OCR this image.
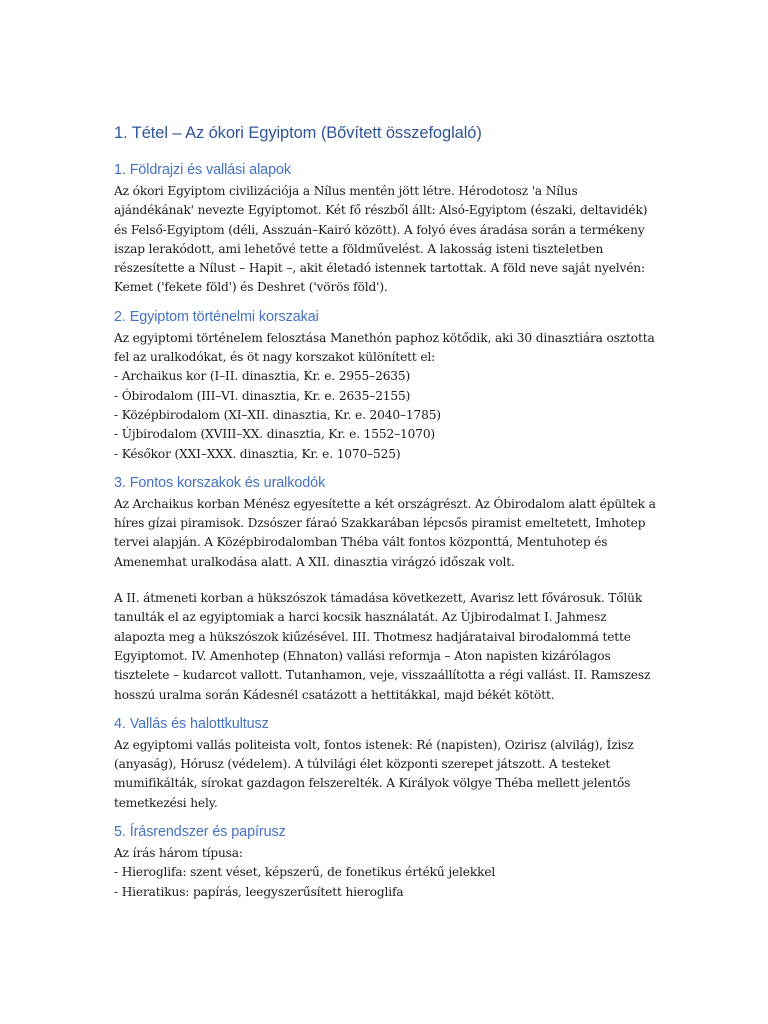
1. Tétel – Az ókori Egyiptom (Bővített összefoglaló)
1. Földrajzi és vallási alapok

Az ókori Egyiptom civilizációja a Nílus mentén jött létre. Hérodotosz 'a Nílus ajándékának' nevezte Egyiptomot. Két fő részből állt: Alsó-Egyiptom (északi, deltavidék) és Felső-Egyiptom (déli, Asszuán–Kairó között). A folyó éves áradása során a termékeny iszap lerakódott, ami lehetővé tette a földművelést. A lakosság isteni tiszteletben részesítette a Nílust – Hapit –, akit életadó istennek tartottak. A föld neve saját nyelvén: Kemet ('fekete föld') és Deshret ('vörös föld').

2. Egyiptom történelmi korszakai

Az egyiptomi történelem felosztása Manethón paphoz kötődik, aki 30 dinasztiára osztotta fel az uralkodókat, és öt nagy korszakot különített el:

- Archaikus kor (I–II. dinasztia, Kr. e. 2955–2635)
- Óbirodalom (III–VI. dinasztia, Kr. e. 2635–2155)
- Középbirodalom (XI–XII. dinasztia, Kr. e. 2040–1785)
- Újbirodalom (XVIII–XX. dinasztia, Kr. e. 1552–1070)
- Későkor (XXI–XXX. dinasztia, Kr. e. 1070–525)
3. Fontos korszakok és uralkodók

Az Archaikus korban Ménész egyesítette a két országrészt. Az Óbirodalom alatt épültek a híres gízai piramisok. Dzsószer fáraó Szakkarában lépcsős piramist emeltetett, Imhotep tervei alapján. A Középbirodalomban Théba vált fontos központtá, Mentuhotep és Amenemhat uralkodása alatt. A XII. dinasztia virágzó időszak volt.

A II. átmeneti korban a hükszószok támadása következett, Avarisz lett fővárosuk. Tőlük tanulták el az egyiptomiak a harci kocsik használatát. Az Újbirodalmat I. Jahmesz alapozta meg a hükszószok kiűzésével. III. Thotmesz hadjárataival birodalommá tette Egyiptomot. IV. Amenhotep (Ehnaton) vallási reformja – Aton napisten kizárólagos tisztelete – kudarcot vallott. Tutanhamon, veje, visszaállította a régi vallást. II. Ramszesz hosszú uralma során Kádesnél csatázott a hettitákkal, majd békét kötött.

4. Vallás és halottkultusz

Az egyiptomi vallás politeista volt, fontos istenek: Ré (napisten), Ozirisz (alvilág), Ízisz (anyaság), Hórusz (védelem). A túlvilági élet központi szerepet játszott. A testeket mumifikálták, sírokat gazdagon felszerelték. A Királyok völgye Théba mellett jelentős temetkezési hely.

5. Írásrendszer és papírusz

Az írás három típusa:

- Hieroglifa: szent véset, képszerű, de fonetikus értékű jelekkel
- Hieratikus: papírás, leegyszerűsített hieroglifa
